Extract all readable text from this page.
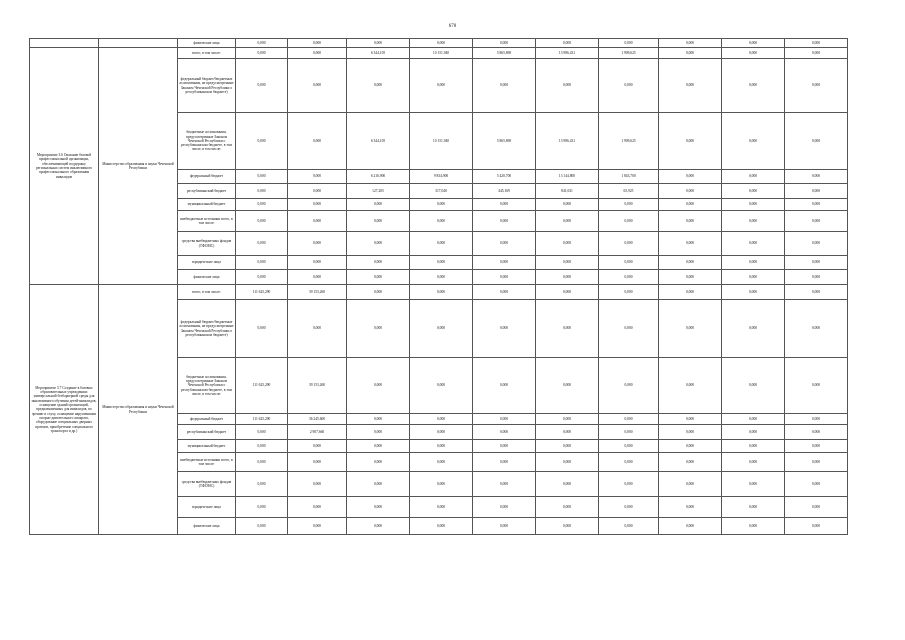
670
		физические лица	0,000	0,000	0,000	0,000	0,000	0,000	0,000	0,000	0,000	0,000	
Мероприятие 3.6 Оказание базовой профессиональной организации, обеспечивающей поддержку региональных систем инклюзивного профессионального образования инвалидов	Министерство образования и науки Чеченской Республики	всего, в том числе:	0,000	0,000	6 344,105	10 151,940	5 865,869	13 986,431	1 909,625	0,000	0,000	0,000	
		федеральный бюджет/бюджетные ассигнования, не предусмотренные Законом Чеченской Республики о республиканском бюджете)	0,000	0,000	0,000	0,000	0,000	0,000	0,000	0,000	0,000	0,000	
		бюджетные ассигнования, предусмотренные Законом Чеченской Республики о республиканском бюджете, в том числе, в том числе:	0,000	0,000	6 344,105	10 151,940	5 865,869	13 986,431	1 909,625	0,000	0,000	0,000	
		федеральный бюджет	0,000	0,000	6 216,900	9 834,900	5 420,700	13 144,800	1 843,700	0,000	0,000	0,000	
		республиканский бюджет	0,000	0,000	127,205	317,040	445,169	841,631	65,925	0,000	0,000	0,000	
		муниципальный бюджет	0,000	0,000	0,000	0,000	0,000	0,000	0,000	0,000	0,000	0,000	
		внебюджетные источники всего, в том числе:	0,000	0,000	0,000	0,000	0,000	0,000	0,000	0,000	0,000	0,000	
		средства внебюджетных фондов (ТФОМС)	0,000	0,000	0,000	0,000	0,000	0,000	0,000	0,000	0,000	0,000	
		юридические лица	0,000	0,000	0,000	0,000	0,000	0,000	0,000	0,000	0,000	0,000	
		физические лица	0,000	0,000	0,000	0,000	0,000	0,000	0,000	0,000	0,000	0,000	
Мероприятие 3.7 Создание в базовых образовательных учреждениях универсальной безбарьерной среды для инклюзивного обучения детей-инвалидов, оснащение зданий организаций, предназначенных для инвалидов, по зрению и слуху, оснащение нарушениями опорно-двигательного аппарата, оборудование специальных дверных проемов, приобретение специального транспорта и др.)	Министерство образования и науки Чеченской Республики	всего, в том числе:	111 625,290	39 153,260	0,000	0,000	0,000	0,000	0,000	0,000	0,000	0,000	
		федеральный бюджет/бюджетные ассигнования, не предусмотренные Законом Чеченской Республики о республиканском бюджете)	0,000	0,000	0,000	0,000	0,000	0,000	0,000	0,000	0,000	0,000	
		бюджетные ассигнования, предусмотренные Законом Чеченской Республики о республиканском бюджете, в том числе, в том числе:	111 625,290	39 153,260	0,000	0,000	0,000	0,000	0,000	0,000	0,000	0,000	
		федеральный бюджет	111 625,290	36 245,600	0,000	0,000	0,000	0,000	0,000	0,000	0,000	0,000	
		республиканский бюджет	0,000	2 907,660	0,000	0,000	0,000	0,000	0,000	0,000	0,000	0,000	
		муниципальный бюджет	0,000	0,000	0,000	0,000	0,000	0,000	0,000	0,000	0,000	0,000	
		внебюджетные источники всего, в том числе:	0,000	0,000	0,000	0,000	0,000	0,000	0,000	0,000	0,000	0,000	
		средства внебюджетных фондов (ТФОМС)	0,000	0,000	0,000	0,000	0,000	0,000	0,000	0,000	0,000	0,000	
		юридические лица	0,000	0,000	0,000	0,000	0,000	0,000	0,000	0,000	0,000	0,000	
		физические лица	0,000	0,000	0,000	0,000	0,000	0,000	0,000	0,000	0,000	0,000	
